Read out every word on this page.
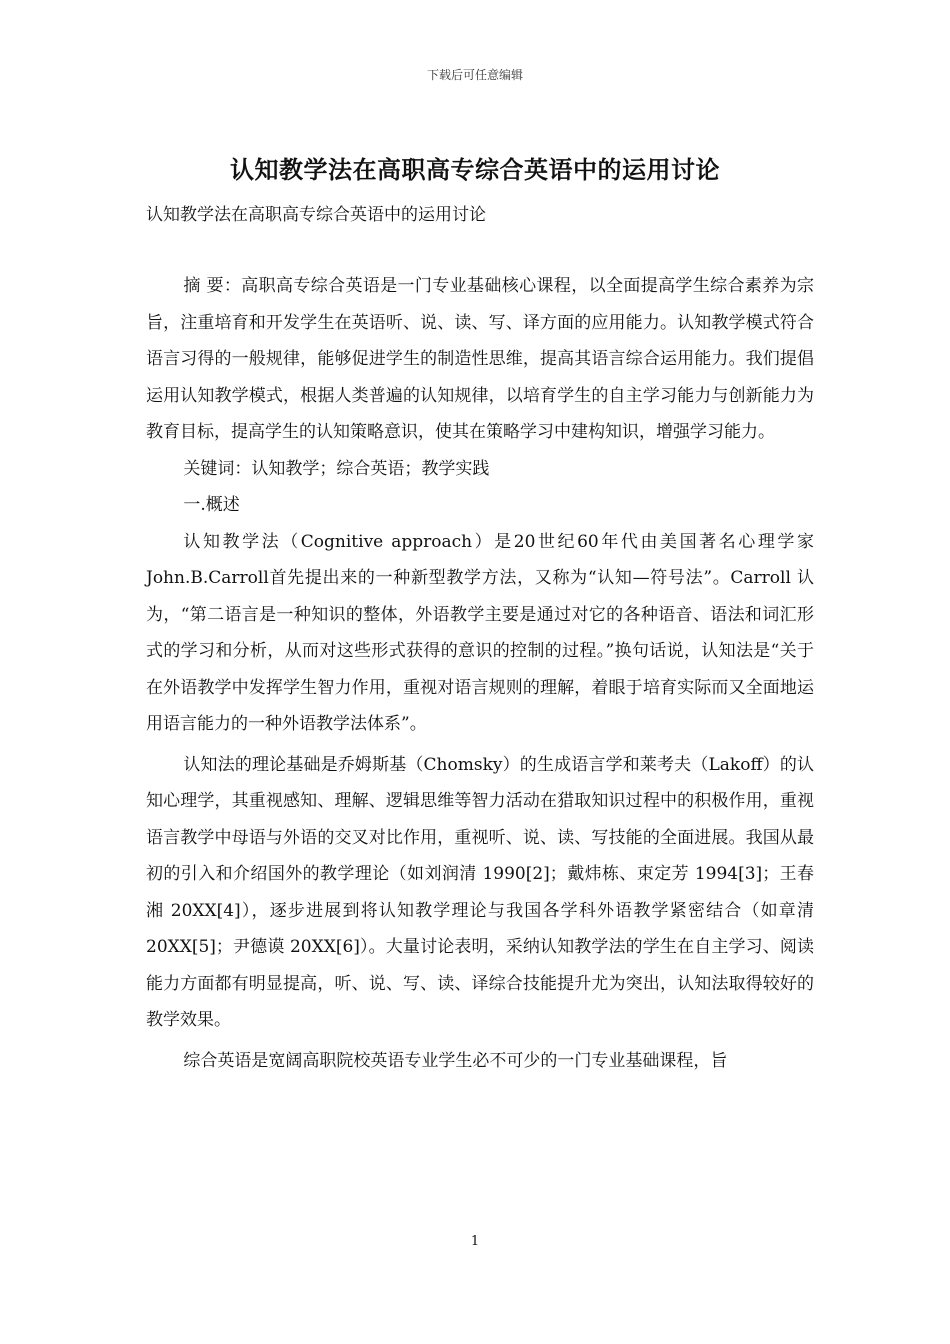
下载后可任意编辑
认知教学法在高职高专综合英语中的运用讨论
认知教学法在高职高专综合英语中的运用讨论

摘 要：高职高专综合英语是一门专业基础核心课程，以全面提高学生综合素养为宗旨，注重培育和开发学生在英语听、说、读、写、译方面的应用能力。认知教学模式符合语言习得的一般规律，能够促进学生的制造性思维，提高其语言综合运用能力。我们提倡运用认知教学模式，根据人类普遍的认知规律，以培育学生的自主学习能力与创新能力为教育目标，提高学生的认知策略意识，使其在策略学习中建构知识，增强学习能力。

关键词：认知教学；综合英语；教学实践

一.概述

认知教学法（Cognitive approach）是20世纪60年代由美国著名心理学家John.B.Carroll首先提出来的一种新型教学方法，又称为“认知—符号法”。Carroll 认为，“第二语言是一种知识的整体，外语教学主要是通过对它的各种语音、语法和词汇形式的学习和分析，从而对这些形式获得的意识的控制的过程。”换句话说，认知法是“关于在外语教学中发挥学生智力作用，重视对语言规则的理解，着眼于培育实际而又全面地运用语言能力的一种外语教学法体系”。

认知法的理论基础是乔姆斯基（Chomsky）的生成语言学和莱考夫（Lakoff）的认知心理学，其重视感知、理解、逻辑思维等智力活动在猎取知识过程中的积极作用，重视语言教学中母语与外语的交叉对比作用，重视听、说、读、写技能的全面进展。我国从最初的引入和介绍国外的教学理论（如刘润清 1990[2]；戴炜栋、束定芳 1994[3]；王春湘 20XX[4]），逐步进展到将认知教学理论与我国各学科外语教学紧密结合（如章清 20XX[5]；尹德谟 20XX[6]）。大量讨论表明，采纳认知教学法的学生在自主学习、阅读能力方面都有明显提高，听、说、写、读、译综合技能提升尤为突出，认知法取得较好的教学效果。

综合英语是宽阔高职院校英语专业学生必不可少的一门专业基础课程，旨

1
